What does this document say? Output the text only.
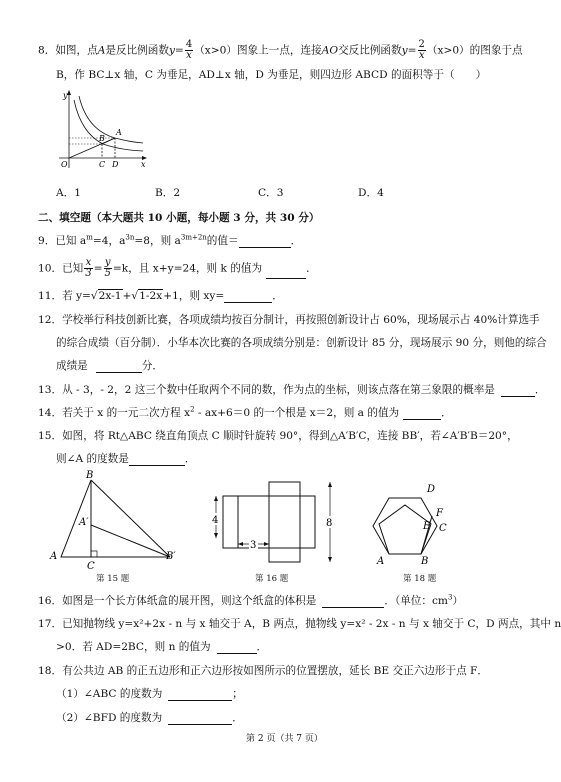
8．如图，点A是反比例函数$y= \frac{4}{x} (x>0)$图象上一点，连接AO交反比例函数$y= \frac{2}{x} (x>0)$的图象于点
B，作 BC⊥x 轴，C 为垂足，AD⊥x 轴，D 为垂足，则四边形 ABCD 的面积等于（　　）
y
x
O
A
B
C D
A．1	B．2	C．3	D．4
二、填空题（本大题共 10 小题，每小题 3 分，共 30 分）
9．已知 $a^m=4$，$a^{3n}=8$，则 $a^{3m+2n}$的值＝	．
10．已知 $\frac{x}{3} = \frac{y}{5} =k$，且 x+y=24，则 k 的值为	．
11．若 y=√2x-1+√1-2x+1，则 xy=	．
12．学校举行科技创新比赛，各项成绩均按百分制计，再按照创新设计占 60%，现场展示占 40%计算选手
的综合成绩（百分制）．小华本次比赛的各项成绩分别是：创新设计 85 分，现场展示 90 分，则他的综合
成绩是	分．
13．从 - 3，- 2，2 这三个数中任取两个不同的数，作为点的坐标，则该点落在第三象限的概率是	．
14．若关于 x 的一元二次方程 $x^2 - ax+6=0$ 的一个根是 x＝2，则 a 的值为	．
15．如图，将 Rt△ABC 绕直角顶点 C 顺时针旋转 90°，得到△A′B′C，连接 BB′，若∠A′B′B＝20°，
则∠A 的度数是	．
B
A′
A
C
B′
第 15 题
4	8
3
第 16 题
D
F
E C
A	B
第 18 题
16．如图是一个长方体纸盒的展开图，则这个纸盒的体积是	．（单位：$cm^3$）
17．已知抛物线 y=x²+2x - n 与 x 轴交于 A，B 两点，抛物线 y=x² - 2x - n 与 x 轴交于 C，D 两点，其中 n
>0．若 AD=2BC，则 n 的值为	．
18．有公共边 AB 的正五边形和正六边形按如图所示的位置摆放，延长 BE 交正六边形于点 F．
（1）∠ABC 的度数为	；
（2）∠BFD 的度数为	．
第 2 页（共 7 页）
